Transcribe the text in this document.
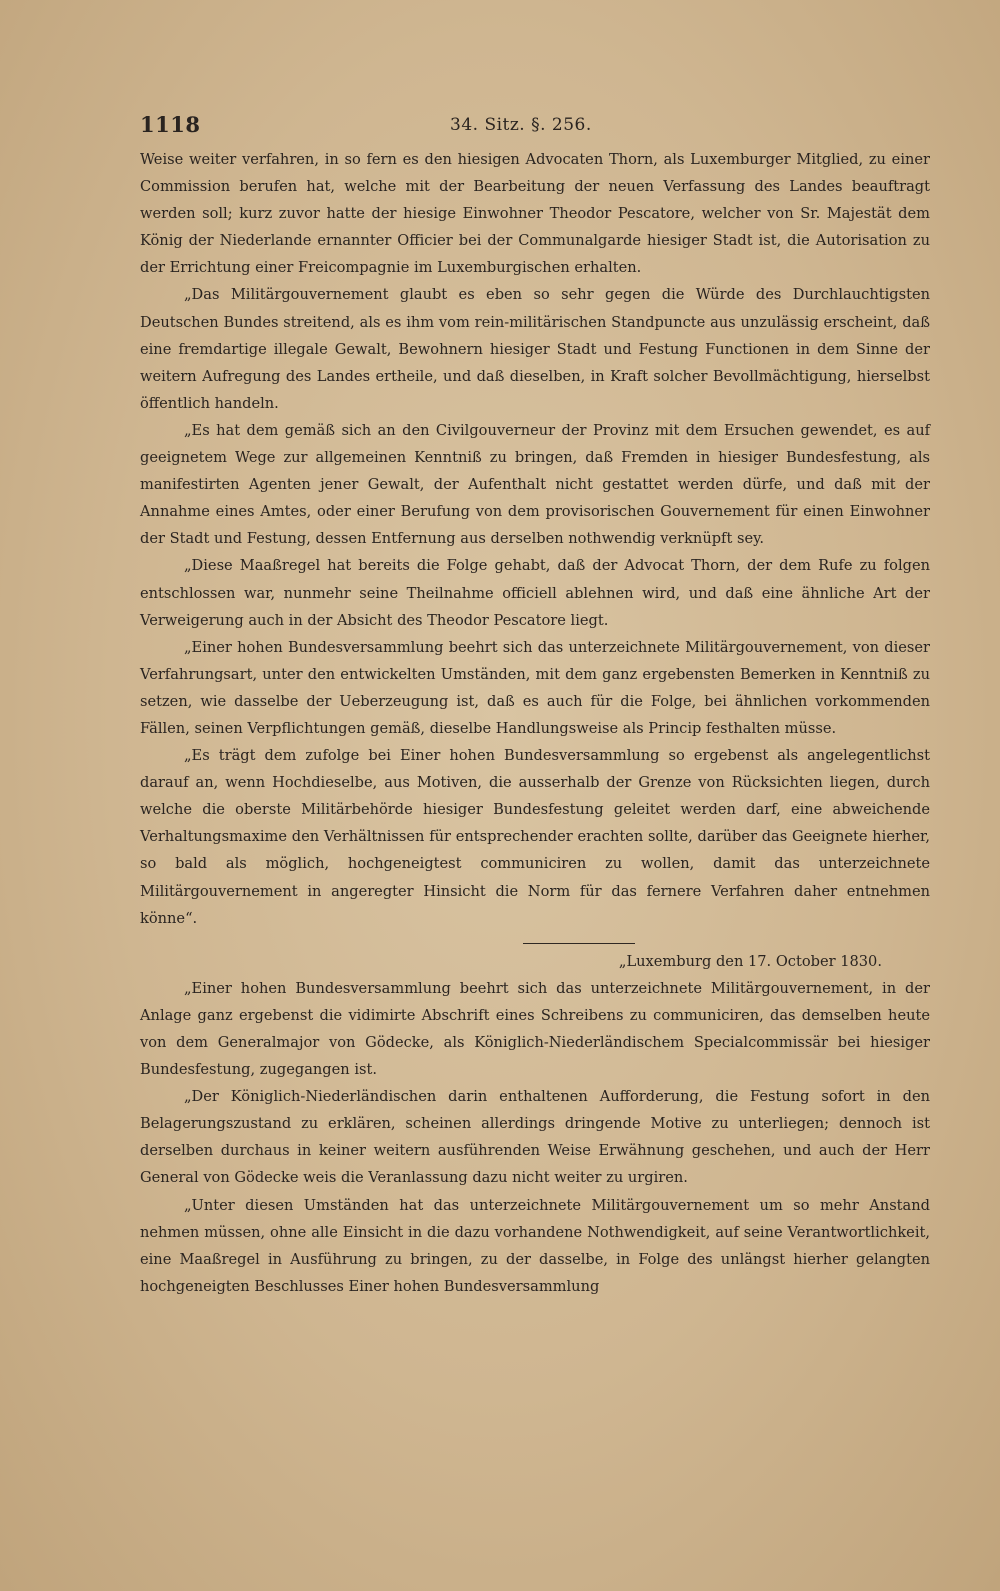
1118	34. Sitz. §. 256.

Weise weiter verfahren, in so fern es den hiesigen Advocaten Thorn, als Luxemburger Mitglied, zu einer Commission berufen hat, welche mit der Bearbeitung der neuen Verfassung des Landes beauftragt werden soll; kurz zuvor hatte der hiesige Einwohner Theodor Pescatore, welcher von Sr. Majestät dem König der Niederlande ernannter Officier bei der Communalgarde hiesiger Stadt ist, die Autorisation zu der Errichtung einer Freicompagnie im Luxemburgischen erhalten.

„Das Militärgouvernement glaubt es eben so sehr gegen die Würde des Durchlauchtigsten Deutschen Bundes streitend, als es ihm vom rein-militärischen Standpuncte aus unzulässig erscheint, daß eine fremdartige illegale Gewalt, Bewohnern hiesiger Stadt und Festung Functionen in dem Sinne der weitern Aufregung des Landes ertheile, und daß dieselben, in Kraft solcher Bevollmächtigung, hierselbst öffentlich handeln.

„Es hat dem gemäß sich an den Civilgouverneur der Provinz mit dem Ersuchen gewendet, es auf geeignetem Wege zur allgemeinen Kenntniß zu bringen, daß Fremden in hiesiger Bundesfestung, als manifestirten Agenten jener Gewalt, der Aufenthalt nicht gestattet werden dürfe, und daß mit der Annahme eines Amtes, oder einer Berufung von dem provisorischen Gouvernement für einen Einwohner der Stadt und Festung, dessen Entfernung aus derselben nothwendig verknüpft sey.

„Diese Maaßregel hat bereits die Folge gehabt, daß der Advocat Thorn, der dem Rufe zu folgen entschlossen war, nunmehr seine Theilnahme officiell ablehnen wird, und daß eine ähnliche Art der Verweigerung auch in der Absicht des Theodor Pescatore liegt.

„Einer hohen Bundesversammlung beehrt sich das unterzeichnete Militärgouvernement, von dieser Verfahrungsart, unter den entwickelten Umständen, mit dem ganz ergebensten Bemerken in Kenntniß zu setzen, wie dasselbe der Ueberzeugung ist, daß es auch für die Folge, bei ähnlichen vorkommenden Fällen, seinen Verpflichtungen gemäß, dieselbe Handlungsweise als Princip festhalten müsse.

„Es trägt dem zufolge bei Einer hohen Bundesversammlung so ergebenst als angelegentlichst darauf an, wenn Hochdieselbe, aus Motiven, die ausserhalb der Grenze von Rücksichten liegen, durch welche die oberste Militärbehörde hiesiger Bundesfestung geleitet werden darf, eine abweichende Verhaltungsmaxime den Verhältnissen für entsprechender erachten sollte, darüber das Geeignete hierher, so bald als möglich, hochgeneigtest communiciren zu wollen, damit das unterzeichnete Militärgouvernement in angeregter Hinsicht die Norm für das fernere Verfahren daher entnehmen könne“.

„Luxemburg den 17. October 1830.

„Einer hohen Bundesversammlung beehrt sich das unterzeichnete Militärgouvernement, in der Anlage ganz ergebenst die vidimirte Abschrift eines Schreibens zu communiciren, das demselben heute von dem Generalmajor von Gödecke, als Königlich-Niederländischem Specialcommissär bei hiesiger Bundesfestung, zugegangen ist.

„Der Königlich-Niederländischen darin enthaltenen Aufforderung, die Festung sofort in den Belagerungszustand zu erklären, scheinen allerdings dringende Motive zu unterliegen; dennoch ist derselben durchaus in keiner weitern ausführenden Weise Erwähnung geschehen, und auch der Herr General von Gödecke weis die Veranlassung dazu nicht weiter zu urgiren.

„Unter diesen Umständen hat das unterzeichnete Militärgouvernement um so mehr Anstand nehmen müssen, ohne alle Einsicht in die dazu vorhandene Nothwendigkeit, auf seine Verantwortlichkeit, eine Maaßregel in Ausführung zu bringen, zu der dasselbe, in Folge des unlängst hierher gelangten hochgeneigten Beschlusses Einer hohen Bundesversammlung
